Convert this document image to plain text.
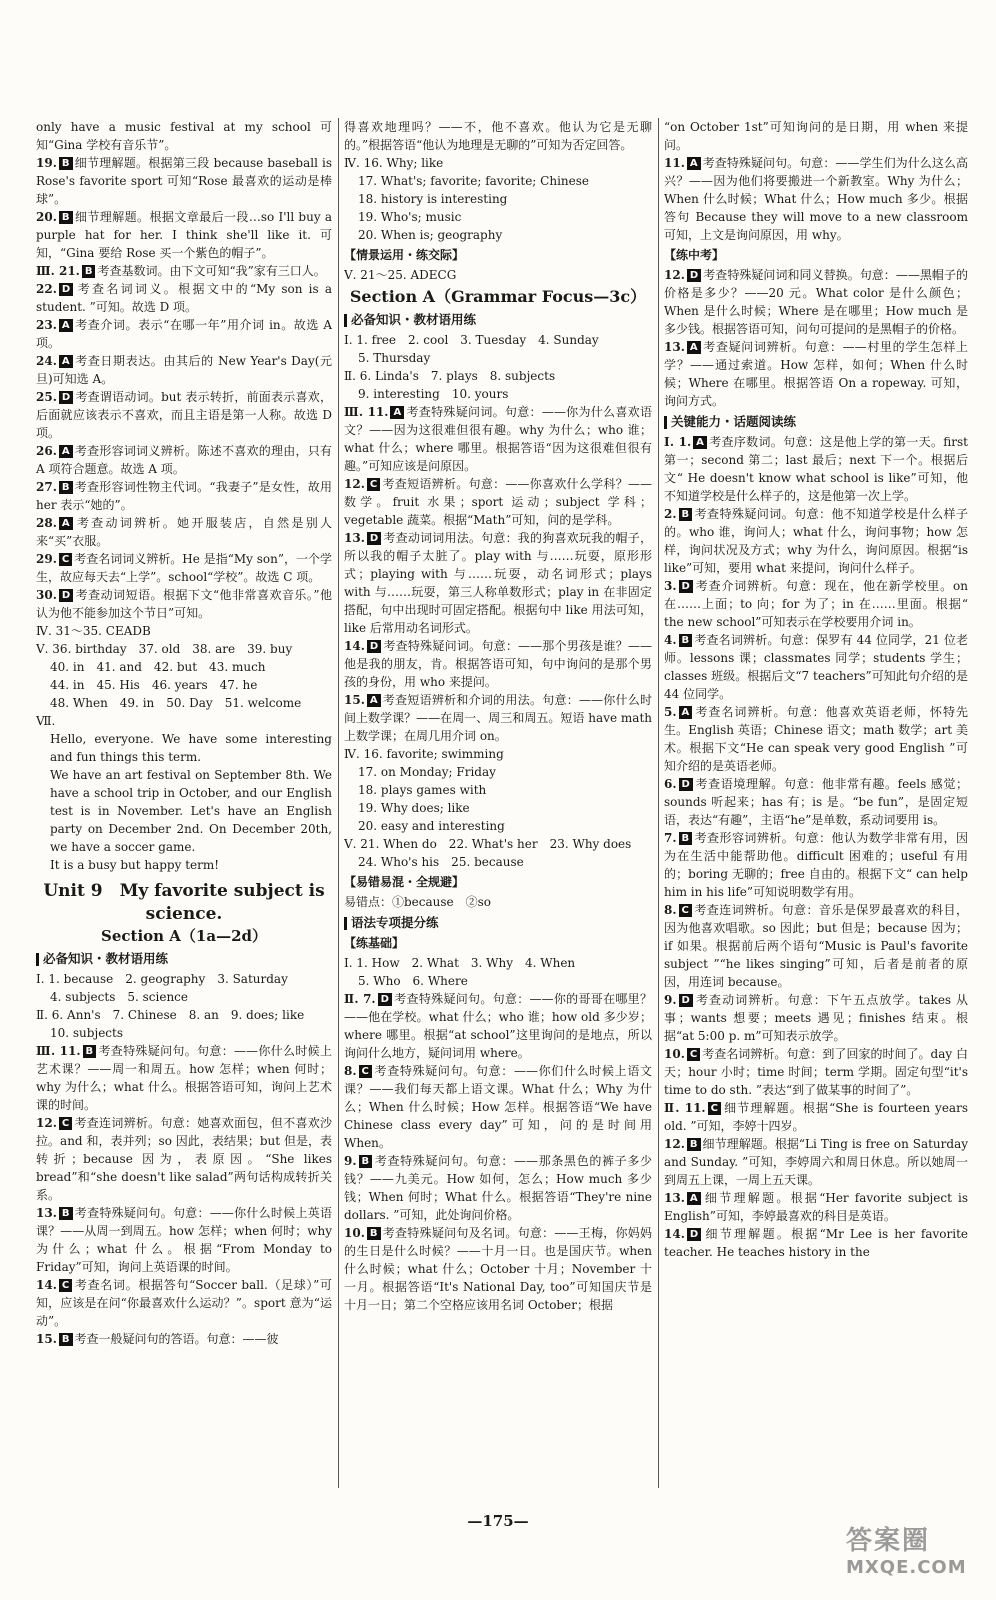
only have a music festival at my school 可知“Gina 学校有音乐节”。

19. B 细节理解题。根据第三段 because baseball is Rose's favorite sport 可知“Rose 最喜欢的运动是棒球”。

20. B 细节理解题。根据文章最后一段…so I'll buy a purple hat for her. I think she'll like it. 可知，“Gina 要给 Rose 买一个紫色的帽子”。

Ⅲ. 21. B 考查基数词。由下文可知“我”家有三口人。

22. D 考查名词词义。根据文中的“My son is a student. ”可知。故选 D 项。

23. A 考查介词。表示“在哪一年”用介词 in。故选 A 项。

24. A 考查日期表达。由其后的 New Year's Day(元旦)可知选 A。

25. D 考查谓语动词。but 表示转折，前面表示喜欢，后面就应该表示不喜欢，而且主语是第一人称。故选 D 项。

26. A 考查形容词词义辨析。陈述不喜欢的理由，只有 A 项符合题意。故选 A 项。

27. B 考查形容词性物主代词。“我妻子”是女性，故用 her 表示“她的”。

28. A 考查动词辨析。她开服装店，自然是别人来“买”衣服。

29. C 考查名词词义辨析。He 是指“My son”，一个学生，故应每天去“上学”。school“学校”。故选 C 项。

30. D 考查动词短语。根据下文“他非常喜欢音乐。”他认为他不能参加这个节日”可知。

Ⅳ. 31～35. CEADB

Ⅴ. 36. birthday　37. old　38. are　39. buy

40. in　41. and　42. but　43. much

44. in　45. His　46. years　47. he

48. When　49. in　50. Day　51. welcome

Ⅶ.

Hello, everyone. We have some interesting and fun things this term.

We have an art festival on September 8th. We have a school trip in October, and our English test is in November. Let's have an English party on December 2nd. On December 20th, we have a soccer game.

It is a busy but happy term!

Unit 9　My favorite subject is science.
Section A（1a—2d）
必备知识・教材语用练

Ⅰ. 1. because　2. geography　3. Saturday

4. subjects　5. science

Ⅱ. 6. Ann's　7. Chinese　8. an　9. does; like

10. subjects

Ⅲ. 11. B 考查特殊疑问句。句意：——你什么时候上艺术课？——周一和周五。how 怎样；when 何时；why 为什么；what 什么。根据答语可知，询问上艺术课的时间。

12. C 考查连词辨析。句意：她喜欢面包，但不喜欢沙拉。and 和，表并列；so 因此，表结果；but 但是，表转折；because 因为，表原因。“She likes bread”和“she doesn't like salad”两句话构成转折关系。

13. B 考查特殊疑问句。句意：——你什么时候上英语课？——从周一到周五。how 怎样；when 何时；why 为什么；what 什么。根据“From Monday to Friday”可知，询问上英语课的时间。

14. C 考查名词。根据答句“Soccer ball.（足球）”可知，应该是在问“你最喜欢什么运动？”。sport 意为“运动”。

15. B 考查一般疑问句的答语。句意：——彼

得喜欢地理吗？——不，他不喜欢。他认为它是无聊的。”根据答语“他认为地理是无聊的”可知为否定回答。

Ⅳ. 16. Why; like

17. What's; favorite; favorite; Chinese

18. history is interesting

19. Who's; music

20. When is; geography

【情景运用・练交际】

Ⅴ. 21～25. ADECG

Section A（Grammar Focus—3c）
必备知识・教材语用练

Ⅰ. 1. free　2. cool　3. Tuesday　4. Sunday

5. Thursday

Ⅱ. 6. Linda's　7. plays　8. subjects

9. interesting　10. yours

Ⅲ. 11. A 考查特殊疑问词。句意：——你为什么喜欢语文？——因为这很难但很有趣。why 为什么；who 谁；what 什么；where 哪里。根据答语“因为这很难但很有趣。”可知应该是问原因。

12. C 考查短语辨析。句意：——你喜欢什么学科？——数学。fruit 水果；sport 运动；subject 学科；vegetable 蔬菜。根据“Math”可知，问的是学科。

13. D 考查动词词用法。句意：我的狗喜欢玩我的帽子，所以我的帽子太脏了。play with 与……玩耍，原形形式；playing with 与……玩耍，动名词形式；plays with 与……玩耍，第三人称单数形式；play in 在非固定搭配，句中出现时可固定搭配。根据句中 like 用法可知，like 后常用动名词形式。

14. D 考查特殊疑问词。句意：——那个男孩是谁？——他是我的朋友，肯。根据答语可知，句中询问的是那个男孩的身份，用 who 来提问。

15. A 考查短语辨析和介词的用法。句意：——你什么时间上数学课？——在周一、周三和周五。短语 have math 上数学课；在周几用介词 on。

Ⅳ. 16. favorite; swimming

17. on Monday; Friday

18. plays games with

19. Why does; like

20. easy and interesting

Ⅴ. 21. When do　22. What's her　23. Why does

24. Who's his　25. because

【易错易混・全规避】

易错点：①because　②so

语法专项提分练
【练基础】

Ⅰ. 1. How　2. What　3. Why　4. When

5. Who　6. Where

Ⅱ. 7. D 考查特殊疑问句。句意：——你的哥哥在哪里？——他在学校。what 什么；who 谁；how old 多少岁；where 哪里。根据“at school”这里询问的是地点，所以询问什么地方，疑问词用 where。

8. C 考查特殊疑问句。句意：——你们什么时候上语文课？——我们每天都上语文课。What 什么；Why 为什么；When 什么时候；How 怎样。根据答语“We have Chinese class every day”可知，问的是时间用 When。

9. B 考查特殊疑问句。句意：——那条黑色的裤子多少钱？——九美元。How 如何，怎么；How much 多少钱；When 何时；What 什么。根据答语“They're nine dollars. ”可知，此处询问价格。

10. B 考查特殊疑问句及名词。句意：——王梅，你妈妈的生日是什么时候？——十月一日。也是国庆节。when 什么时候；what 什么；October 十月；November 十一月。根据答语“It's National Day, too”可知国庆节是十月一日；第二个空格应该用名词 October；根据

“on October 1st”可知询问的是日期，用 when 来提问。

11. A 考查特殊疑问句。句意：——学生们为什么这么高兴？——因为他们将要搬进一个新教室。Why 为什么；When 什么时候；What 什么；How much 多少。根据答句 Because they will move to a new classroom 可知，上文是询问原因，用 why。

【练中考】

12. D 考查特殊疑问词和同义替换。句意：——黑帽子的价格是多少？——20 元。What color 是什么颜色；When 是什么时候；Where 是在哪里；How much 是多少钱。根据答语可知，问句可提问的是黑帽子的价格。

13. A 考查疑问词辨析。句意：——村里的学生怎样上学？——通过索道。How 怎样，如何；When 什么时候；Where 在哪里。根据答语 On a ropeway. 可知，询问方式。

关键能力・话题阅读练

Ⅰ. 1. A 考查序数词。句意：这是他上学的第一天。first 第一；second 第二；last 最后；next 下一个。根据后文“ He doesn't know what school is like”可知，他不知道学校是什么样子的，这是他第一次上学。

2. B 考查特殊疑问词。句意：他不知道学校是什么样子的。who 谁，询问人；what 什么，询问事物；how 怎样，询问状况及方式；why 为什么，询问原因。根据“is like”可知，要用 what 来提问，询问什么样子。

3. D 考查介词辨析。句意：现在，他在新学校里。on 在……上面；to 向；for 为了；in 在……里面。根据“ the new school”可知表示在学校要用介词 in。

4. B 考查名词辨析。句意：保罗有 44 位同学，21 位老师。lessons 课；classmates 同学；students 学生；classes 班级。根据后文“7 teachers”可知此句介绍的是 44 位同学。

5. A 考查名词辨析。句意：他喜欢英语老师，怀特先生。English 英语；Chinese 语文；math 数学；art 美术。根据下文“He can speak very good English ”可知介绍的是英语老师。

6. D 考查语境理解。句意：他非常有趣。feels 感觉；sounds 听起来；has 有；is 是。“be fun”，是固定短语，表达“有趣”，主语“he”是单数，系动词要用 is。

7. B 考查形容词辨析。句意：他认为数学非常有用，因为在生活中能帮助他。difficult 困难的；useful 有用的；boring 无聊的；free 自由的。根据下文“ can help him in his life”可知说明数学有用。

8. C 考查连词辨析。句意：音乐是保罗最喜欢的科目，因为他喜欢唱歌。so 因此；but 但是；because 因为；if 如果。根据前后两个语句“Music is Paul's favorite subject ”“he likes singing”可知，后者是前者的原因，用连词 because。

9. D 考查动词辨析。句意：下午五点放学。takes 从事；wants 想要；meets 遇见；finishes 结束。根据“at 5:00 p. m”可知表示放学。

10. C 考查名词辨析。句意：到了回家的时间了。day 白天；hour 小时；time 时间；term 学期。固定句型“it's time to do sth. ”表达“到了做某事的时间了”。

Ⅱ. 11. C 细节理解题。根据“She is fourteen years old. ”可知，李婷十四岁。

12. B 细节理解题。根据“Li Ting is free on Saturday and Sunday. ”可知，李婷周六和周日休息。所以她周一到周五上课，一周上五天课。

13. A 细节理解题。根据“Her favorite subject is English”可知，李婷最喜欢的科目是英语。

14. D 细节理解题。根据“Mr Lee is her favorite teacher. He teaches history in the

—175—
答案圈
MXQE.COM
